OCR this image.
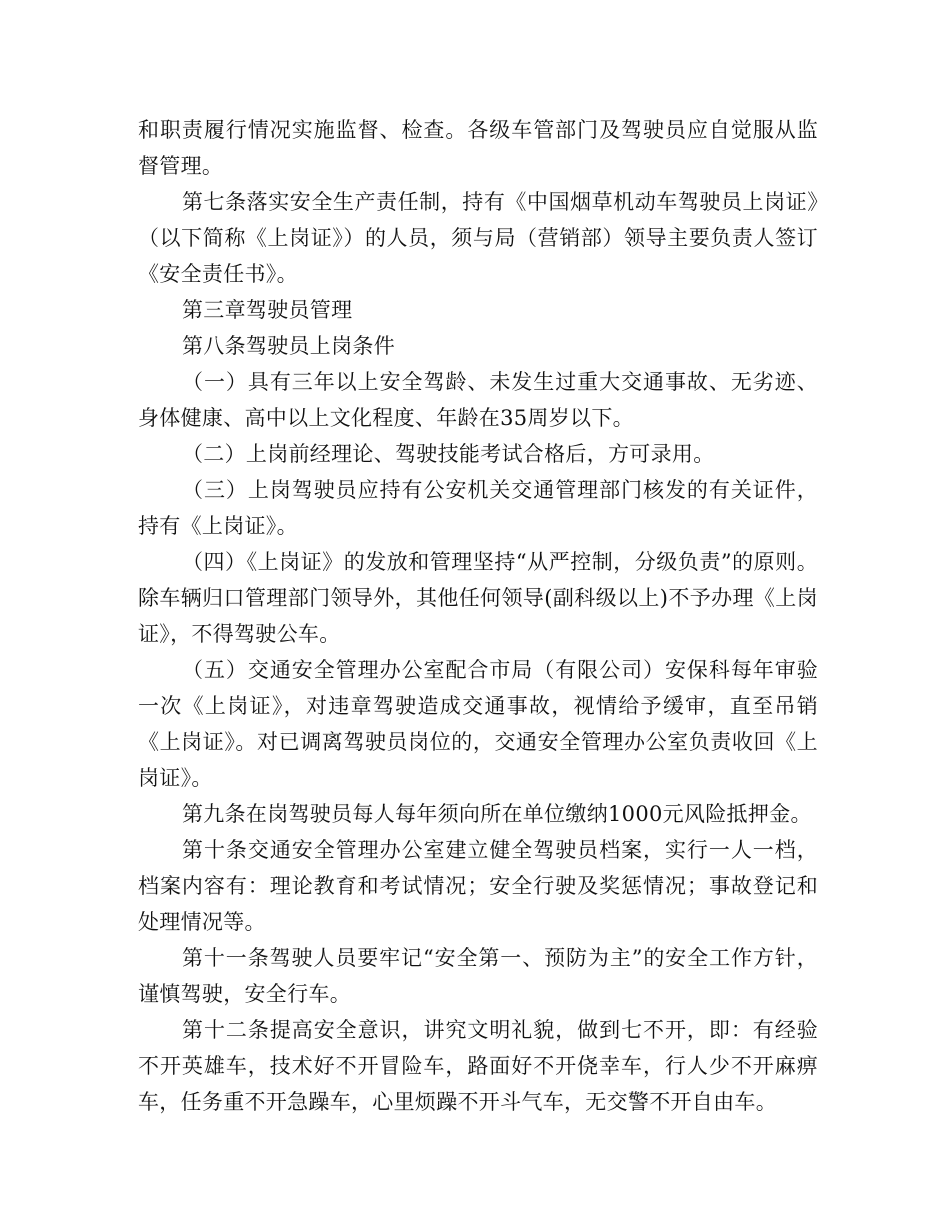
和职责履行情况实施监督、检查。各级车管部门及驾驶员应自觉服从监督管理。

第七条落实安全生产责任制，持有《中国烟草机动车驾驶员上岗证》（以下简称《上岗证》）的人员，须与局（营销部）领导主要负责人签订《安全责任书》。

第三章驾驶员管理

第八条驾驶员上岗条件

（一）具有三年以上安全驾龄、未发生过重大交通事故、无劣迹、身体健康、高中以上文化程度、年龄在35周岁以下。

（二）上岗前经理论、驾驶技能考试合格后，方可录用。

（三）上岗驾驶员应持有公安机关交通管理部门核发的有关证件，持有《上岗证》。

（四）《上岗证》的发放和管理坚持“从严控制，分级负责”的原则。除车辆归口管理部门领导外，其他任何领导(副科级以上)不予办理《上岗证》，不得驾驶公车。

（五）交通安全管理办公室配合市局（有限公司）安保科每年审验一次《上岗证》，对违章驾驶造成交通事故，视情给予缓审，直至吊销《上岗证》。对已调离驾驶员岗位的，交通安全管理办公室负责收回《上岗证》。

第九条在岗驾驶员每人每年须向所在单位缴纳1000元风险抵押金。

第十条交通安全管理办公室建立健全驾驶员档案，实行一人一档，档案内容有：理论教育和考试情况；安全行驶及奖惩情况；事故登记和处理情况等。

第十一条驾驶人员要牢记“安全第一、预防为主”的安全工作方针，谨慎驾驶，安全行车。

第十二条提高安全意识，讲究文明礼貌，做到七不开，即：有经验不开英雄车，技术好不开冒险车，路面好不开侥幸车，行人少不开麻痹车，任务重不开急躁车，心里烦躁不开斗气车，无交警不开自由车。
